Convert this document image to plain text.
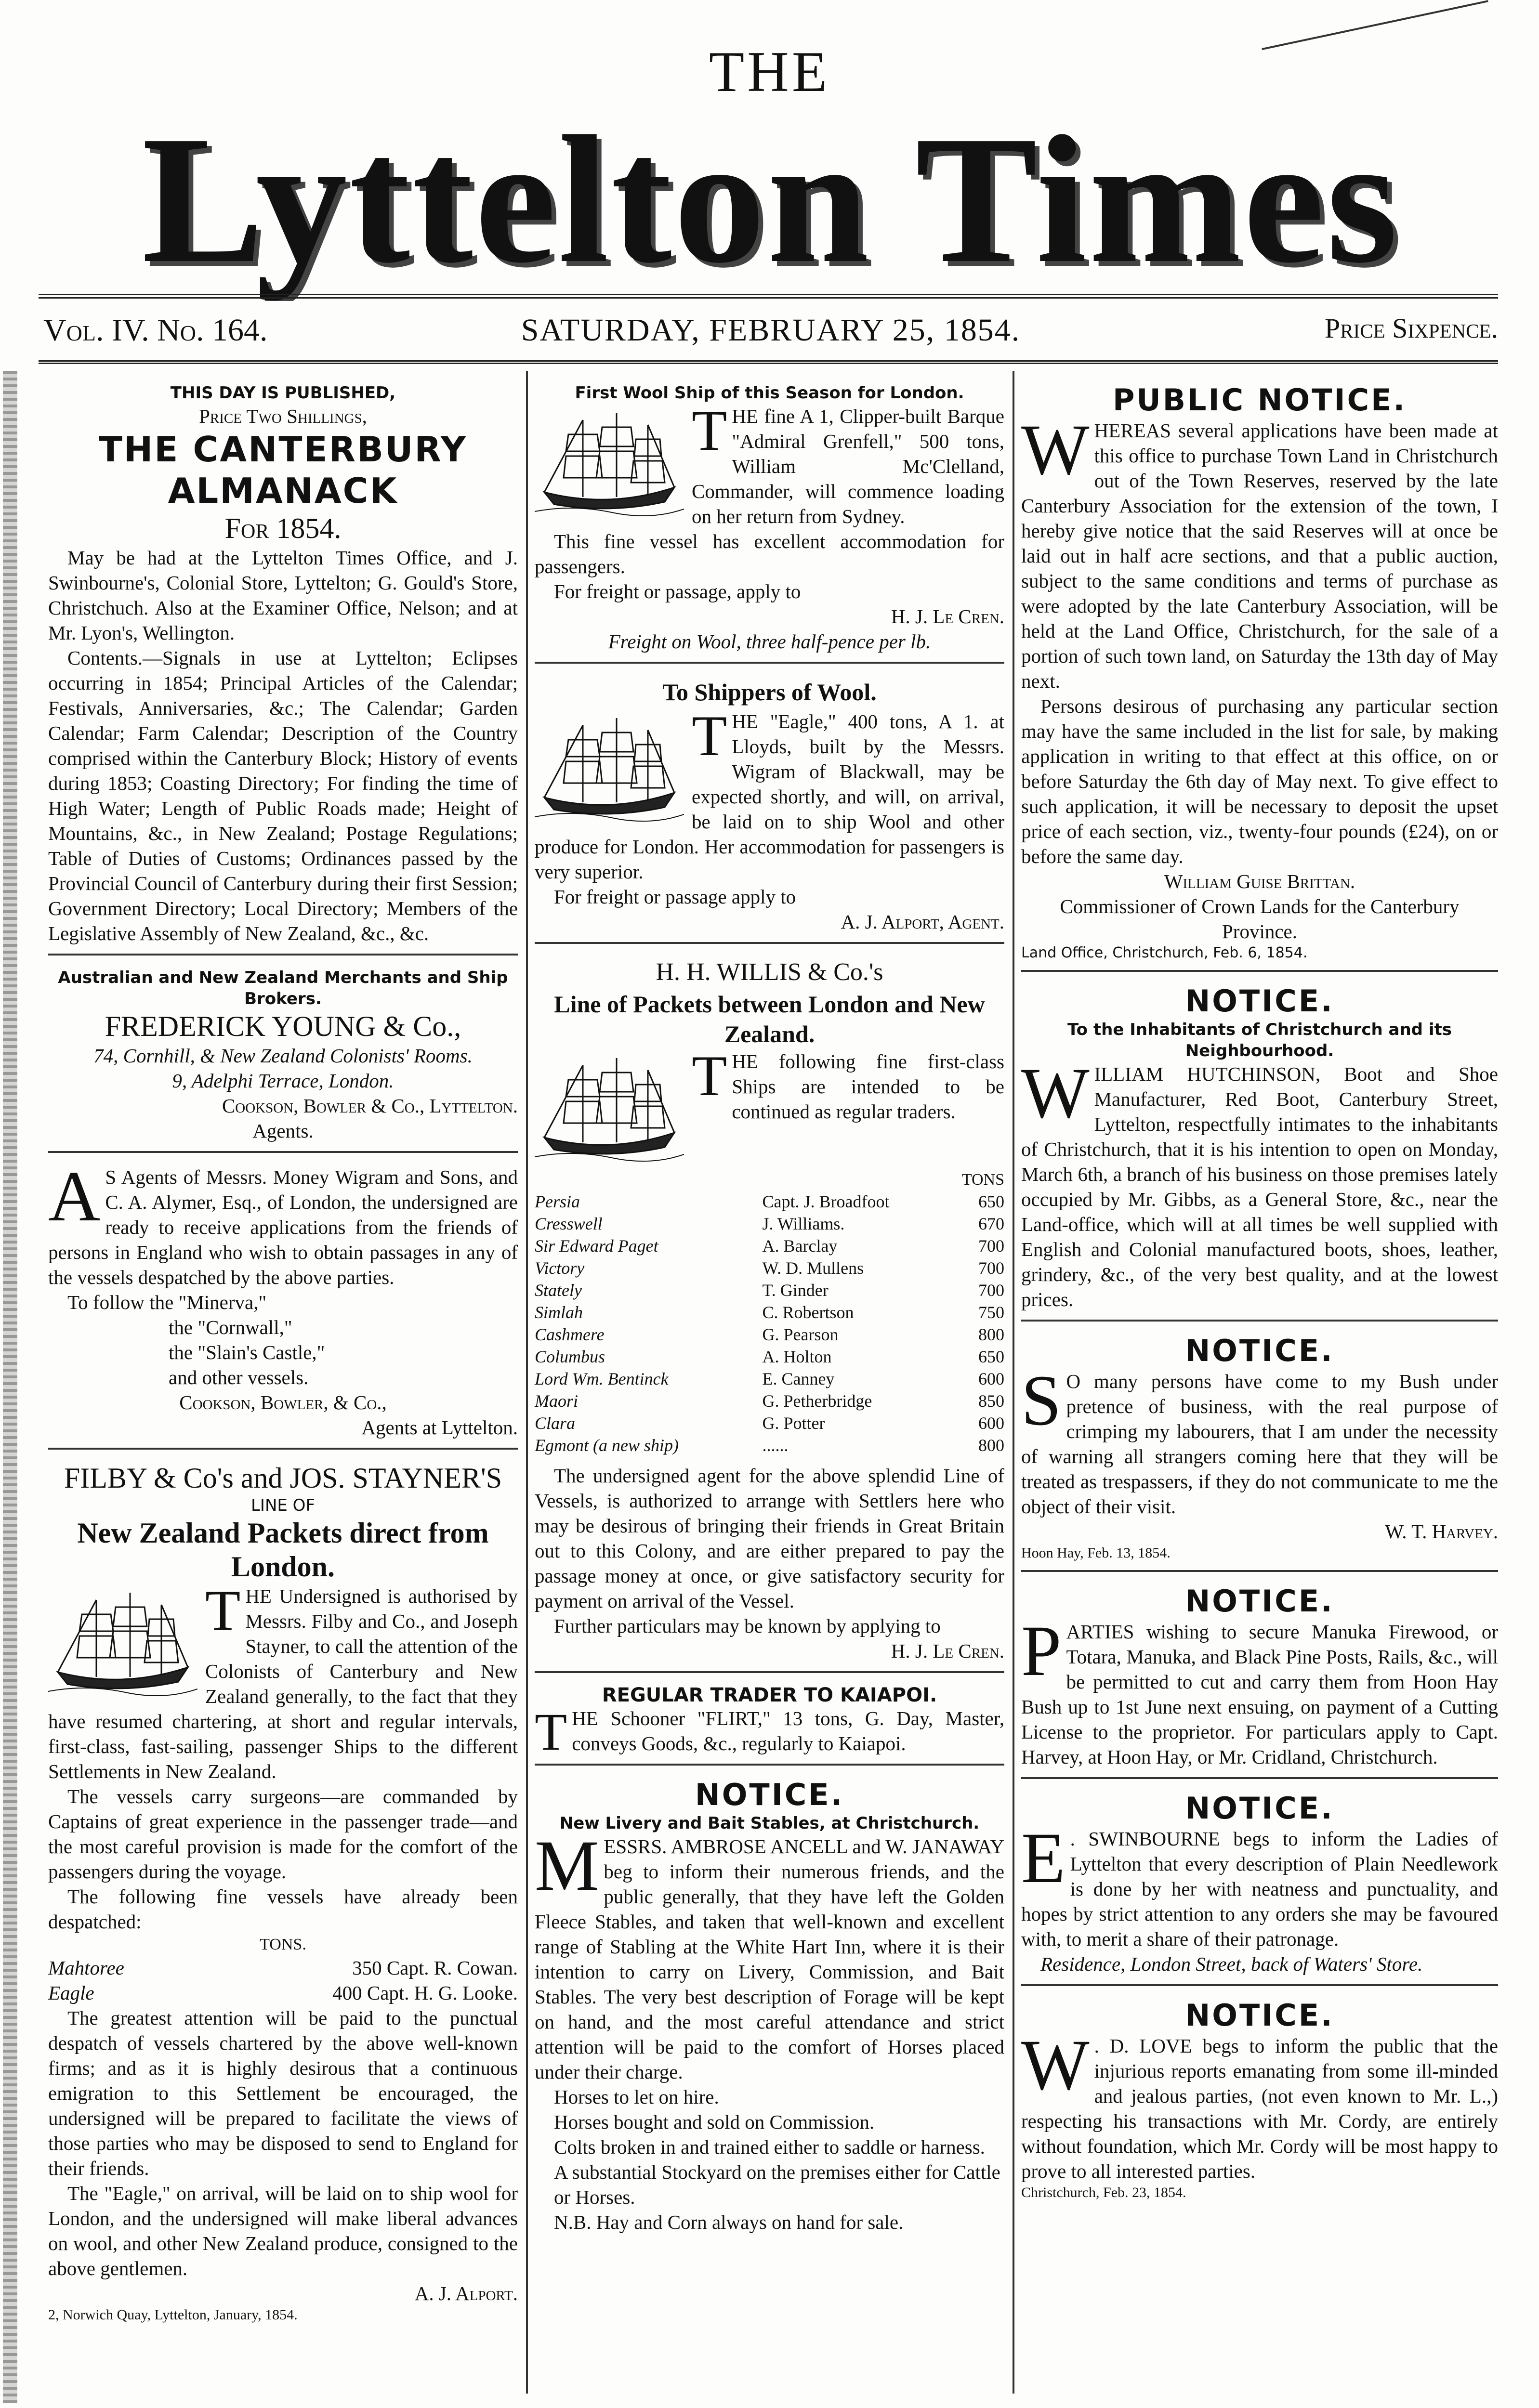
THE
Lyttelton Times
Vol. IV. No. 164.	SATURDAY, FEBRUARY 25, 1854.	Price Sixpence.

THIS DAY IS PUBLISHED,

Price Two Shillings,

THE CANTERBURY ALMANACK

For 1854.

May be had at the Lyttelton Times Office, and J. Swinbourne's, Colonial Store, Lyttelton; G. Gould's Store, Christchuch. Also at the Examiner Office, Nelson; and at Mr. Lyon's, Wellington.

Contents.—Signals in use at Lyttelton; Eclipses occurring in 1854; Principal Articles of the Calendar; Festivals, Anniversaries, &c.; The Calendar; Garden Calendar; Farm Calendar; Description of the Country comprised within the Canterbury Block; History of events during 1853; Coasting Directory; For finding the time of High Water; Length of Public Roads made; Height of Mountains, &c., in New Zealand; Postage Regulations; Table of Duties of Customs; Ordinances passed by the Provincial Council of Canterbury during their first Session; Government Directory; Local Directory; Members of the Legislative Assembly of New Zealand, &c., &c.

Australian and New Zealand Merchants and Ship Brokers.

FREDERICK YOUNG & Co.,

74, Cornhill, & New Zealand Colonists' Rooms.

9, Adelphi Terrace, London.

Cookson, Bowler & Co., Lyttelton.

Agents.

A S Agents of Messrs. Money Wigram and Sons, and C. A. Alymer, Esq., of London, the undersigned are ready to receive applications from the friends of persons in England who wish to obtain passages in any of the vessels despatched by the above parties.

To follow the "Minerva,"

the "Cornwall,"

the "Slain's Castle,"

and other vessels.

Cookson, Bowler, & Co.,

Agents at Lyttelton.

FILBY & Co's and JOS. STAYNER'S

LINE OF

New Zealand Packets direct from London.

T HE Undersigned is authorised by Messrs. Filby and Co., and Joseph Stayner, to call the attention of the Colonists of Canterbury and New Zealand generally, to the fact that they have resumed chartering, at short and regular intervals, first-class, fast-sailing, passenger Ships to the different Settlements in New Zealand.

The vessels carry surgeons—are commanded by Captains of great experience in the passenger trade—and the most careful provision is made for the comfort of the passengers during the voyage.

The following fine vessels have already been despatched:

TONS.

Mahtoree	350 Capt. R. Cowan.

Eagle	400 Capt. H. G. Looke.

The greatest attention will be paid to the punctual despatch of vessels chartered by the above well-known firms; and as it is highly desirous that a continuous emigration to this Settlement be encouraged, the undersigned will be prepared to facilitate the views of those parties who may be disposed to send to England for their friends.

The "Eagle," on arrival, will be laid on to ship wool for London, and the undersigned will make liberal advances on wool, and other New Zealand produce, consigned to the above gentlemen.

A. J. Alport.

2, Norwich Quay, Lyttelton, January, 1854.

First Wool Ship of this Season for London.

T HE fine A 1, Clipper-built Barque "Admiral Grenfell," 500 tons, William Mc'Clelland, Commander, will commence loading on her return from Sydney.

This fine vessel has excellent accommodation for passengers.

For freight or passage, apply to

H. J. Le Cren.

Freight on Wool, three half-pence per lb.

To Shippers of Wool.

T HE "Eagle," 400 tons, A 1. at Lloyds, built by the Messrs. Wigram of Blackwall, may be expected shortly, and will, on arrival, be laid on to ship Wool and other produce for London. Her accommodation for passengers is very superior.

For freight or passage apply to

A. J. Alport, Agent.

H. H. WILLIS & Co.'s

Line of Packets between London and New Zealand.

T HE following fine first-class Ships are intended to be continued as regular traders.

TONS

Persia	Capt. J. Broadfoot	650
Cresswell	J. Williams.	670
Sir Edward Paget	A. Barclay	700
Victory	W. D. Mullens	700
Stately	T. Ginder	700
Simlah	C. Robertson	750
Cashmere	G. Pearson	800
Columbus	A. Holton	650
Lord Wm. Bentinck	E. Canney	600
Maori	G. Petherbridge	850
Clara	G. Potter	600
Egmont (a new ship)	......	800

The undersigned agent for the above splendid Line of Vessels, is authorized to arrange with Settlers here who may be desirous of bringing their friends in Great Britain out to this Colony, and are either prepared to pay the passage money at once, or give satisfactory security for payment on arrival of the Vessel.

Further particulars may be known by applying to

H. J. Le Cren.

REGULAR TRADER TO KAIAPOI.

T HE Schooner "FLIRT," 13 tons, G. Day, Master, conveys Goods, &c., regularly to Kaiapoi.

NOTICE.

New Livery and Bait Stables, at Christchurch.

M ESSRS. AMBROSE ANCELL and W. JANAWAY beg to inform their numerous friends, and the public generally, that they have left the Golden Fleece Stables, and taken that well-known and excellent range of Stabling at the White Hart Inn, where it is their intention to carry on Livery, Commission, and Bait Stables. The very best description of Forage will be kept on hand, and the most careful attendance and strict attention will be paid to the comfort of Horses placed under their charge.

Horses to let on hire.

Horses bought and sold on Commission.

Colts broken in and trained either to saddle or harness.

A substantial Stockyard on the premises either for Cattle or Horses.

N.B. Hay and Corn always on hand for sale.

PUBLIC NOTICE.

W HEREAS several applications have been made at this office to purchase Town Land in Christchurch out of the Town Reserves, reserved by the late Canterbury Association for the extension of the town, I hereby give notice that the said Reserves will at once be laid out in half acre sections, and that a public auction, subject to the same conditions and terms of purchase as were adopted by the late Canterbury Association, will be held at the Land Office, Christchurch, for the sale of a portion of such town land, on Saturday the 13th day of May next.

Persons desirous of purchasing any particular section may have the same included in the list for sale, by making application in writing to that effect at this office, on or before Saturday the 6th day of May next. To give effect to such application, it will be necessary to deposit the upset price of each section, viz., twenty-four pounds (£24), on or before the same day.

William Guise Brittan.

Commissioner of Crown Lands for the Canterbury Province.

Land Office, Christchurch, Feb. 6, 1854.

NOTICE.

To the Inhabitants of Christchurch and its Neighbourhood.

W ILLIAM HUTCHINSON, Boot and Shoe Manufacturer, Red Boot, Canterbury Street, Lyttelton, respectfully intimates to the inhabitants of Christchurch, that it is his intention to open on Monday, March 6th, a branch of his business on those premises lately occupied by Mr. Gibbs, as a General Store, &c., near the Land-office, which will at all times be well supplied with English and Colonial manufactured boots, shoes, leather, grindery, &c., of the very best quality, and at the lowest prices.

NOTICE.

S O many persons have come to my Bush under pretence of business, with the real purpose of crimping my labourers, that I am under the necessity of warning all strangers coming here that they will be treated as trespassers, if they do not communicate to me the object of their visit.

W. T. Harvey.

Hoon Hay, Feb. 13, 1854.

NOTICE.

P ARTIES wishing to secure Manuka Firewood, or Totara, Manuka, and Black Pine Posts, Rails, &c., will be permitted to cut and carry them from Hoon Hay Bush up to 1st June next ensuing, on payment of a Cutting License to the proprietor. For particulars apply to Capt. Harvey, at Hoon Hay, or Mr. Cridland, Christchurch.

NOTICE.

E . SWINBOURNE begs to inform the Ladies of Lyttelton that every description of Plain Needlework is done by her with neatness and punctuality, and hopes by strict attention to any orders she may be favoured with, to merit a share of their patronage.

Residence, London Street, back of Waters' Store.

NOTICE.

W . D. LOVE begs to inform the public that the injurious reports emanating from some ill-minded and jealous parties, (not even known to Mr. L.,) respecting his transactions with Mr. Cordy, are entirely without foundation, which Mr. Cordy will be most happy to prove to all interested parties.

Christchurch, Feb. 23, 1854.
